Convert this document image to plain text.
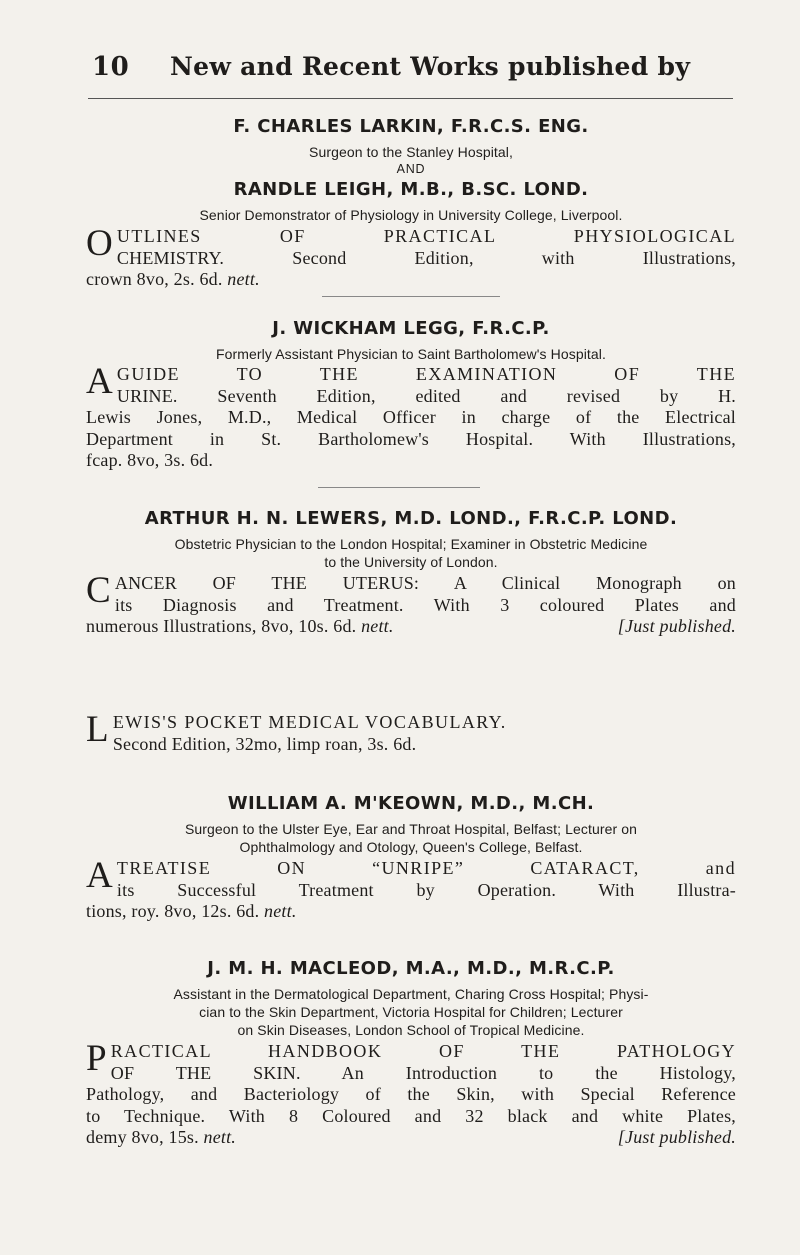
10 New and Recent Works published by
F. CHARLES LARKIN, F.R.C.S. ENG.
Surgeon to the Stanley Hospital,
AND
RANDLE LEIGH, M.B., B.SC. LOND.
Senior Demonstrator of Physiology in University College, Liverpool.
O UTLINES OF PRACTICAL PHYSIOLOGICAL
CHEMISTRY. Second Edition, with Illustrations,
crown 8vo, 2s. 6d. nett.
J. WICKHAM LEGG, F.R.C.P.
Formerly Assistant Physician to Saint Bartholomew's Hospital.
A GUIDE TO THE EXAMINATION OF THE
URINE. Seventh Edition, edited and revised by H.
Lewis Jones, M.D., Medical Officer in charge of the Electrical
Department in St. Bartholomew's Hospital. With Illustrations,
fcap. 8vo, 3s. 6d.
ARTHUR H. N. LEWERS, M.D. LOND., F.R.C.P. LOND.
Obstetric Physician to the London Hospital; Examiner in Obstetric Medicine
to the University of London.
C ANCER OF THE UTERUS: A Clinical Monograph on
its Diagnosis and Treatment. With 3 coloured Plates and
numerous Illustrations, 8vo, 10s. 6d. nett.	[Just published.
L EWIS'S POCKET MEDICAL VOCABULARY.
Second Edition, 32mo, limp roan, 3s. 6d.
WILLIAM A. M'KEOWN, M.D., M.CH.
Surgeon to the Ulster Eye, Ear and Throat Hospital, Belfast; Lecturer on
Ophthalmology and Otology, Queen's College, Belfast.
A TREATISE ON “UNRIPE” CATARACT, and
its Successful Treatment by Operation. With Illustra-
tions, roy. 8vo, 12s. 6d. nett.
J. M. H. MACLEOD, M.A., M.D., M.R.C.P.
Assistant in the Dermatological Department, Charing Cross Hospital; Physi-
cian to the Skin Department, Victoria Hospital for Children; Lecturer
on Skin Diseases, London School of Tropical Medicine.
P RACTICAL HANDBOOK OF THE PATHOLOGY
OF THE SKIN. An Introduction to the Histology,
Pathology, and Bacteriology of the Skin, with Special Reference
to Technique. With 8 Coloured and 32 black and white Plates,
demy 8vo, 15s. nett.	[Just published.
